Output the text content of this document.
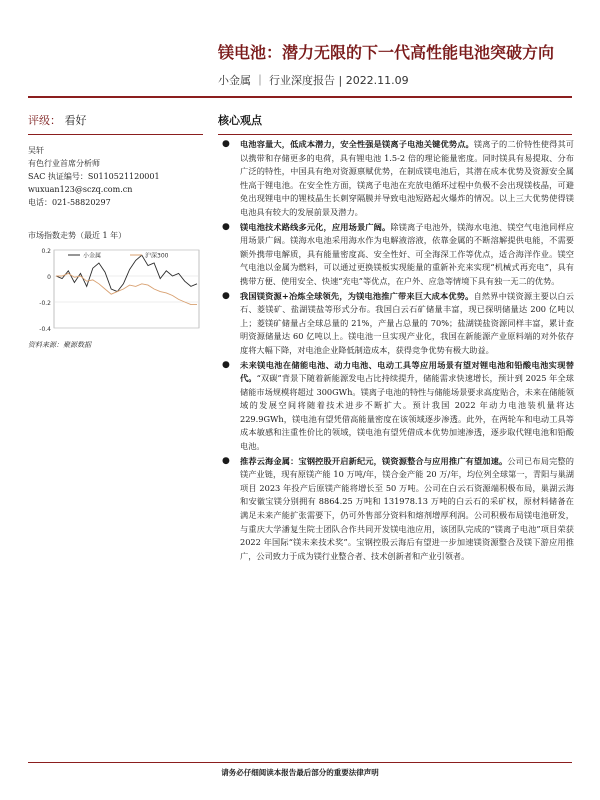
镁电池：潜力无限的下一代高性能电池突破方向
小金属 ｜ 行业深度报告 | 2022.11.09
评级： 看好	核心观点
吴轩
有色行业首席分析师
SAC 执证编号：S0110521120001
wuxuan123@sczq.com.cn
电话：021-58820297
市场指数走势（最近 1 年）
0.2
0
-0.2
-0.4
小金属	沪深300
资料来源：聚源数据
● 电池容量大，低成本潜力，安全性强是镁离子电池关键优势点。镁离子的二价特性使得其可以携带和存储更多的电荷，具有锂电池 1.5-2 倍的理论能量密度。同时镁具有易提取、分布广泛的特性，中国具有绝对资源禀赋优势，在制成镁电池后，其潜在成本优势及资源安全属性高于锂电池。在安全性方面，镁离子电池在充放电循环过程中负极不会出现镁枝晶，可避免出现锂电中的锂枝晶生长刺穿隔膜并导致电池短路起火爆炸的情况。以上三大优势使得镁电池具有较大的发展前景及潜力。
● 镁电池技术路线多元化，应用场景广阔。除镁离子电池外，镁海水电池、镁空气电池同样应用场景广阔。镁海水电池采用海水作为电解液溶液，依靠金属的不断溶解提供电能，不需要额外携带电解质，具有能量密度高、安全性好、可全海深工作等优点，适合海洋作业。镁空气电池以金属为燃料，可以通过更换镁板实现能量的重新补充来实现“机械式再充电”，具有携带方便、使用安全、快速“充电”等优点，在户外、应急等情境下具有独一无二的优势。
● 我国镁资源+冶炼全球领先，为镁电池推广带来巨大成本优势。自然界中镁资源主要以白云石、菱镁矿、盐湖镁盐等形式分布。我国白云石矿储量丰富，现已探明储量达 200 亿吨以上；菱镁矿储量占全球总量的 21%，产量占总量的 70%；盐湖镁盐资源同样丰富，累计查明资源储量达 60 亿吨以上。镁电池一旦实现产业化，我国在新能源产业原料端的对外依存度将大幅下降，对电池企业降低制造成本，获得竞争优势有极大助益。
● 未来镁电池在储能电池、动力电池、电动工具等应用场景有望对锂电池和铅酸电池实现替代。“双碳”背景下随着新能源发电占比持续提升，储能需求快速增长，预计到 2025 年全球储能市场规模将超过 300GWh。镁离子电池的特性与储能场景要求高度贴合，未来在储能领域的发展空间将随着技术进步不断扩大。预计我国 2022 年动力电池装机量将达 229.9GWh，镁电池有望凭借高能量密度在该领域逐步渗透。此外，在两轮车和电动工具等成本敏感和注重性价比的领域，镁电池有望凭借成本优势加速渗透，逐步取代锂电池和铅酸电池。
● 推荐云海金属：宝钢控股开启新纪元，镁资源整合与应用推广有望加速。公司已布局完整的镁产业链，现有原镁产能 10 万吨/年，镁合金产能 20 万/年，均位列全球第一，青阳与巢湖项目 2023 年投产后原镁产能将增长至 50 万吨。公司在白云石资源端积极布局，巢湖云海和安徽宝镁分别拥有 8864.25 万吨和 131978.13 万吨的白云石的采矿权，原材料储备在满足未来产能扩张需要下，仍可外售部分资料和熔剂增厚利润。公司积极布局镁电池研发，与重庆大学潘复生院士团队合作共同开发镁电池应用，该团队完成的“镁离子电池”项目荣获 2022 年国际“镁未来技术奖”。宝钢控股云海后有望进一步加速镁资源整合及镁下游应用推广，公司致力于成为镁行业整合者、技术创新者和产业引领者。
请务必仔细阅读本报告最后部分的重要法律声明
